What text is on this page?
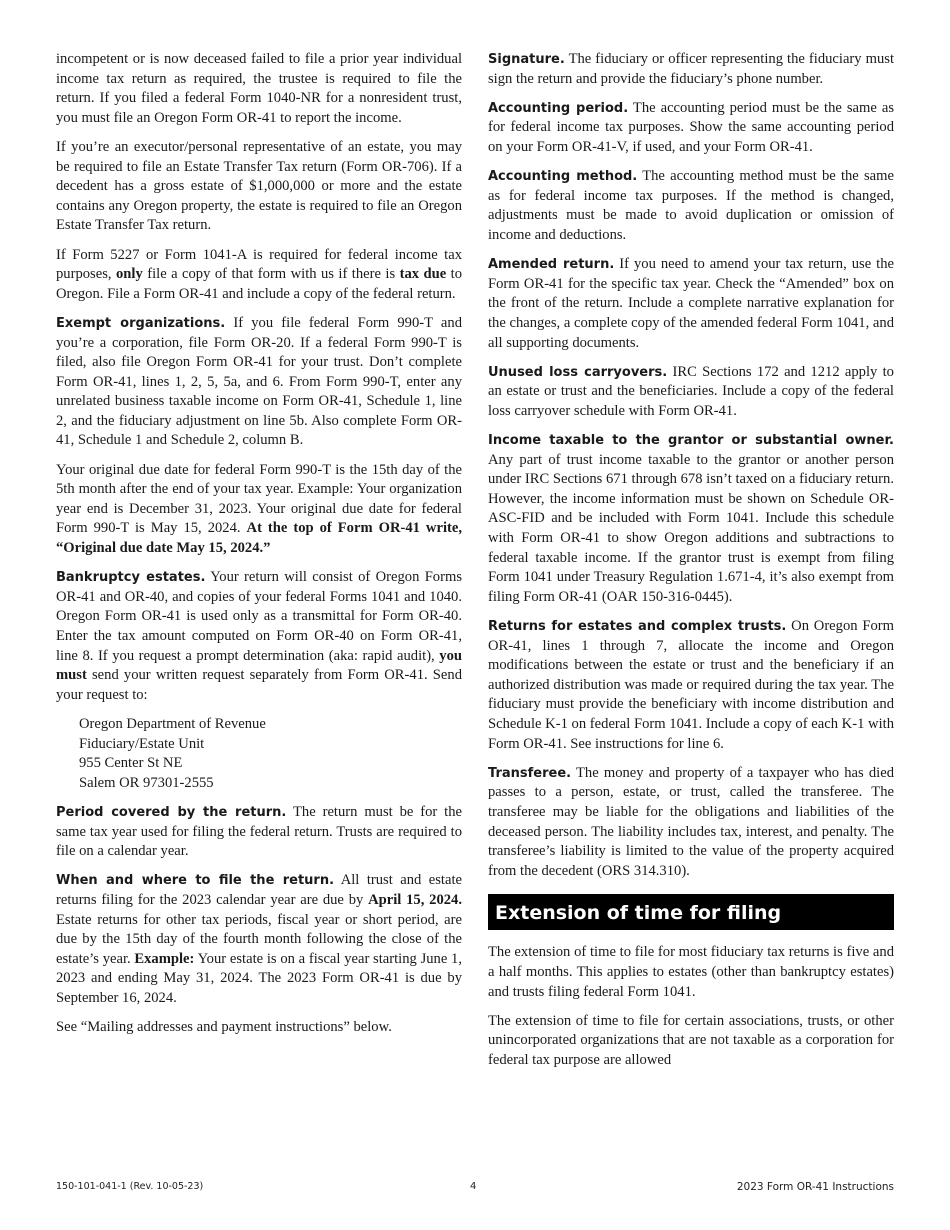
incompetent or is now deceased failed to file a prior year individual income tax return as required, the trustee is required to file the return. If you filed a federal Form 1040-NR for a nonresident trust, you must file an Oregon Form OR-41 to report the income.

If you’re an executor/personal representative of an estate, you may be required to file an Estate Transfer Tax return (Form OR-706). If a decedent has a gross estate of $1,000,000 or more and the estate contains any Oregon property, the estate is required to file an Oregon Estate Transfer Tax return.

If Form 5227 or Form 1041-A is required for federal income tax purposes, only file a copy of that form with us if there is tax due to Oregon. File a Form OR-41 and include a copy of the federal return.

Exempt organizations. If you file federal Form 990-T and you’re a corporation, file Form OR-20. If a federal Form 990-T is filed, also file Oregon Form OR-41 for your trust. Don’t complete Form OR-41, lines 1, 2, 5, 5a, and 6. From Form 990-T, enter any unrelated business taxable income on Form OR-41, Schedule 1, line 2, and the fiduciary adjustment on line 5b. Also complete Form OR-41, Schedule 1 and Schedule 2, column B.

Your original due date for federal Form 990-T is the 15th day of the 5th month after the end of your tax year. Example: Your organization year end is December 31, 2023. Your original due date for federal Form 990-T is May 15, 2024. At the top of Form OR-41 write, “Original due date May 15, 2024.”

Bankruptcy estates. Your return will consist of Oregon Forms OR-41 and OR-40, and copies of your federal Forms 1041 and 1040. Oregon Form OR-41 is used only as a transmittal for Form OR-40. Enter the tax amount computed on Form OR-40 on Form OR-41, line 8. If you request a prompt determination (aka: rapid audit), you must send your written request separately from Form OR-41. Send your request to:

Oregon Department of Revenue
Fiduciary/Estate Unit
955 Center St NE
Salem OR 97301-2555

Period covered by the return. The return must be for the same tax year used for filing the federal return. Trusts are required to file on a calendar year.

When and where to file the return. All trust and estate returns filing for the 2023 calendar year are due by April 15, 2024. Estate returns for other tax periods, fiscal year or short period, are due by the 15th day of the fourth month following the close of the estate’s year. Example: Your estate is on a fiscal year starting June 1, 2023 and ending May 31, 2024. The 2023 Form OR-41 is due by September 16, 2024.

See “Mailing addresses and payment instructions” below.

Signature. The fiduciary or officer representing the fiduciary must sign the return and provide the fiduciary’s phone number.

Accounting period. The accounting period must be the same as for federal income tax purposes. Show the same accounting period on your Form OR-41-V, if used, and your Form OR-41.

Accounting method. The accounting method must be the same as for federal income tax purposes. If the method is changed, adjustments must be made to avoid duplication or omission of income and deductions.

Amended return. If you need to amend your tax return, use the Form OR-41 for the specific tax year. Check the “Amended” box on the front of the return. Include a complete narrative explanation for the changes, a complete copy of the amended federal Form 1041, and all supporting documents.

Unused loss carryovers. IRC Sections 172 and 1212 apply to an estate or trust and the beneficiaries. Include a copy of the federal loss carryover schedule with Form OR-41.

Income taxable to the grantor or substantial owner. Any part of trust income taxable to the grantor or another person under IRC Sections 671 through 678 isn’t taxed on a fiduciary return. However, the income information must be shown on Schedule OR-ASC-FID and be included with Form 1041. Include this schedule with Form OR-41 to show Oregon additions and subtractions to federal taxable income. If the grantor trust is exempt from filing Form 1041 under Treasury Regulation 1.671-4, it’s also exempt from filing Form OR-41 (OAR 150-316-0445).

Returns for estates and complex trusts. On Oregon Form OR-41, lines 1 through 7, allocate the income and Oregon modifications between the estate or trust and the beneficiary if an authorized distribution was made or required during the tax year. The fiduciary must provide the beneficiary with income distribution and Schedule K-1 on federal Form 1041. Include a copy of each K-1 with Form OR-41. See instructions for line 6.

Transferee. The money and property of a taxpayer who has died passes to a person, estate, or trust, called the transferee. The transferee may be liable for the obligations and liabilities of the deceased person. The liability includes tax, interest, and penalty. The transferee’s liability is limited to the value of the property acquired from the decedent (ORS 314.310).

Extension of time for filing

The extension of time to file for most fiduciary tax returns is five and a half months. This applies to estates (other than bankruptcy estates) and trusts filing federal Form 1041.

The extension of time to file for certain associations, trusts, or other unincorporated organizations that are not taxable as a corporation for federal tax purpose are allowed

150-101-041-1 (Rev. 10-05-23)	4	2023 Form OR-41 Instructions
